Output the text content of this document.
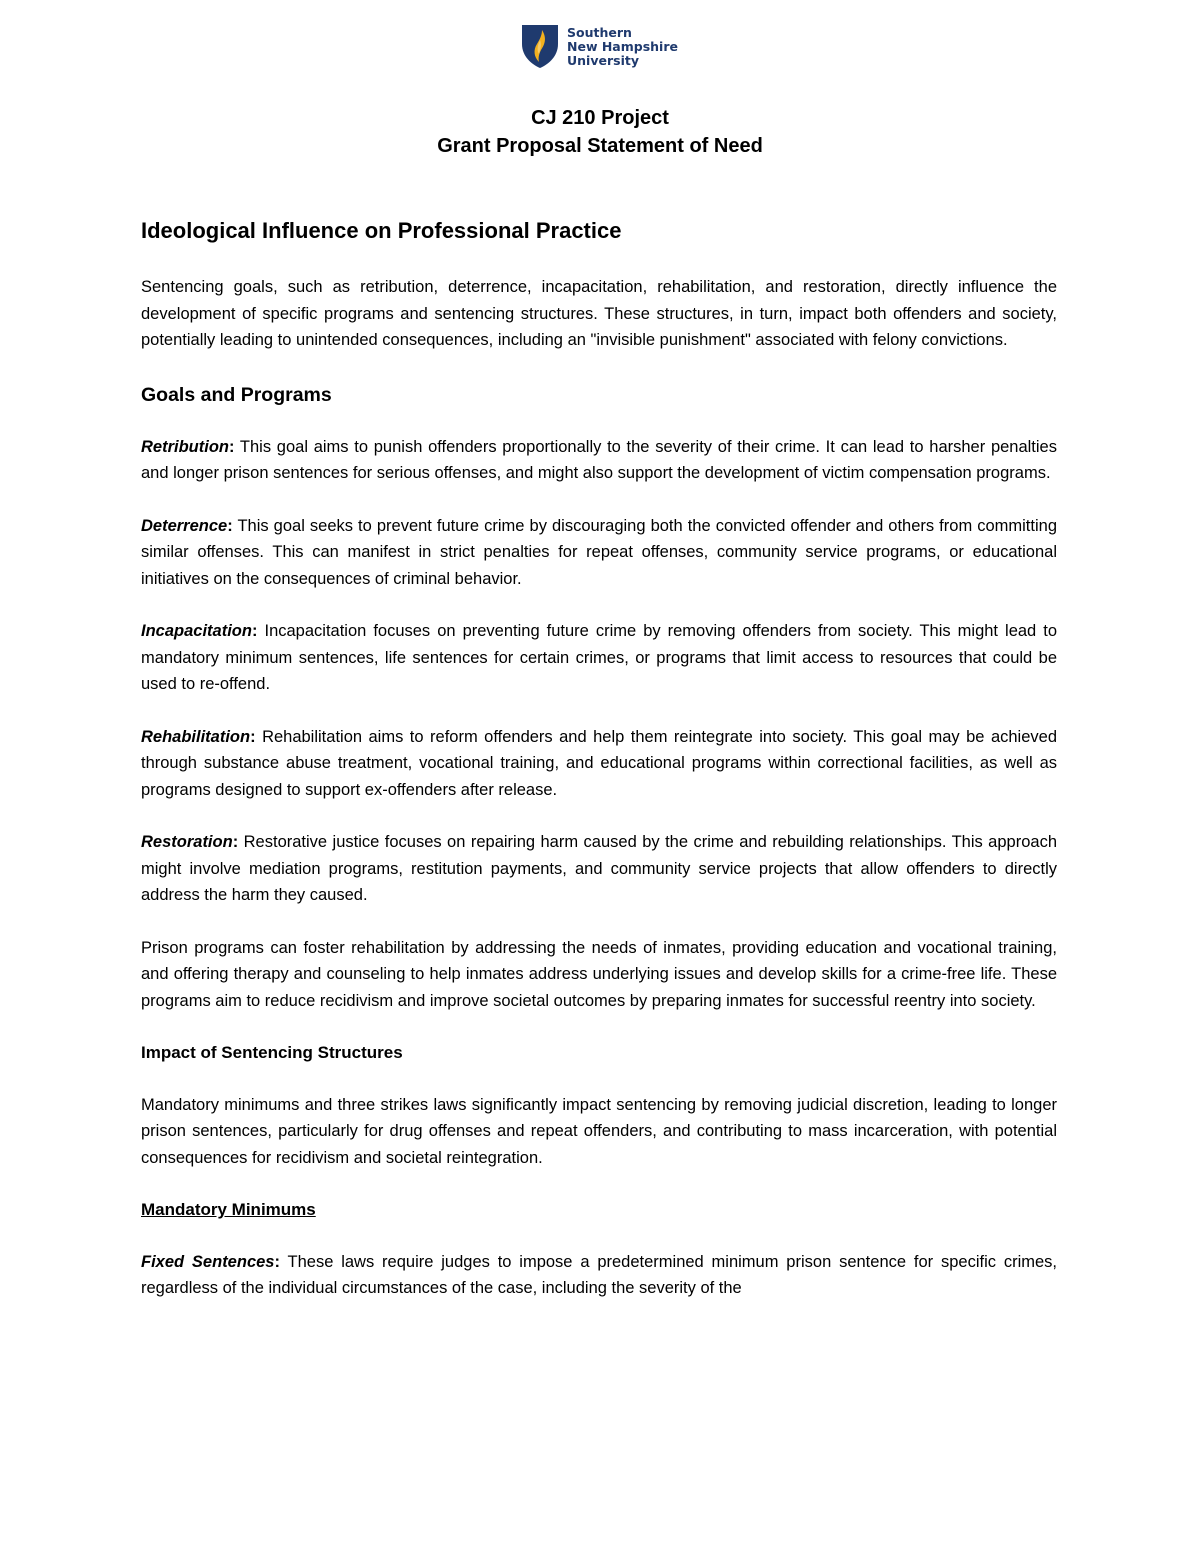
Southern
New Hampshire
University
CJ 210 Project
Grant Proposal Statement of Need
Ideological Influence on Professional Practice

Sentencing goals, such as retribution, deterrence, incapacitation, rehabilitation, and restoration, directly influence the development of specific programs and sentencing structures. These structures, in turn, impact both offenders and society, potentially leading to unintended consequences, including an "invisible punishment" associated with felony convictions.

Goals and Programs

Retribution: This goal aims to punish offenders proportionally to the severity of their crime. It can lead to harsher penalties and longer prison sentences for serious offenses, and might also support the development of victim compensation programs.

Deterrence: This goal seeks to prevent future crime by discouraging both the convicted offender and others from committing similar offenses. This can manifest in strict penalties for repeat offenses, community service programs, or educational initiatives on the consequences of criminal behavior.

Incapacitation: Incapacitation focuses on preventing future crime by removing offenders from society. This might lead to mandatory minimum sentences, life sentences for certain crimes, or programs that limit access to resources that could be used to re-offend.

Rehabilitation: Rehabilitation aims to reform offenders and help them reintegrate into society. This goal may be achieved through substance abuse treatment, vocational training, and educational programs within correctional facilities, as well as programs designed to support ex-offenders after release.

Restoration: Restorative justice focuses on repairing harm caused by the crime and rebuilding relationships. This approach might involve mediation programs, restitution payments, and community service projects that allow offenders to directly address the harm they caused.

Prison programs can foster rehabilitation by addressing the needs of inmates, providing education and vocational training, and offering therapy and counseling to help inmates address underlying issues and develop skills for a crime-free life. These programs aim to reduce recidivism and improve societal outcomes by preparing inmates for successful reentry into society.

Impact of Sentencing Structures

Mandatory minimums and three strikes laws significantly impact sentencing by removing judicial discretion, leading to longer prison sentences, particularly for drug offenses and repeat offenders, and contributing to mass incarceration, with potential consequences for recidivism and societal reintegration.

Mandatory Minimums

Fixed Sentences: These laws require judges to impose a predetermined minimum prison sentence for specific crimes, regardless of the individual circumstances of the case, including the severity of the
